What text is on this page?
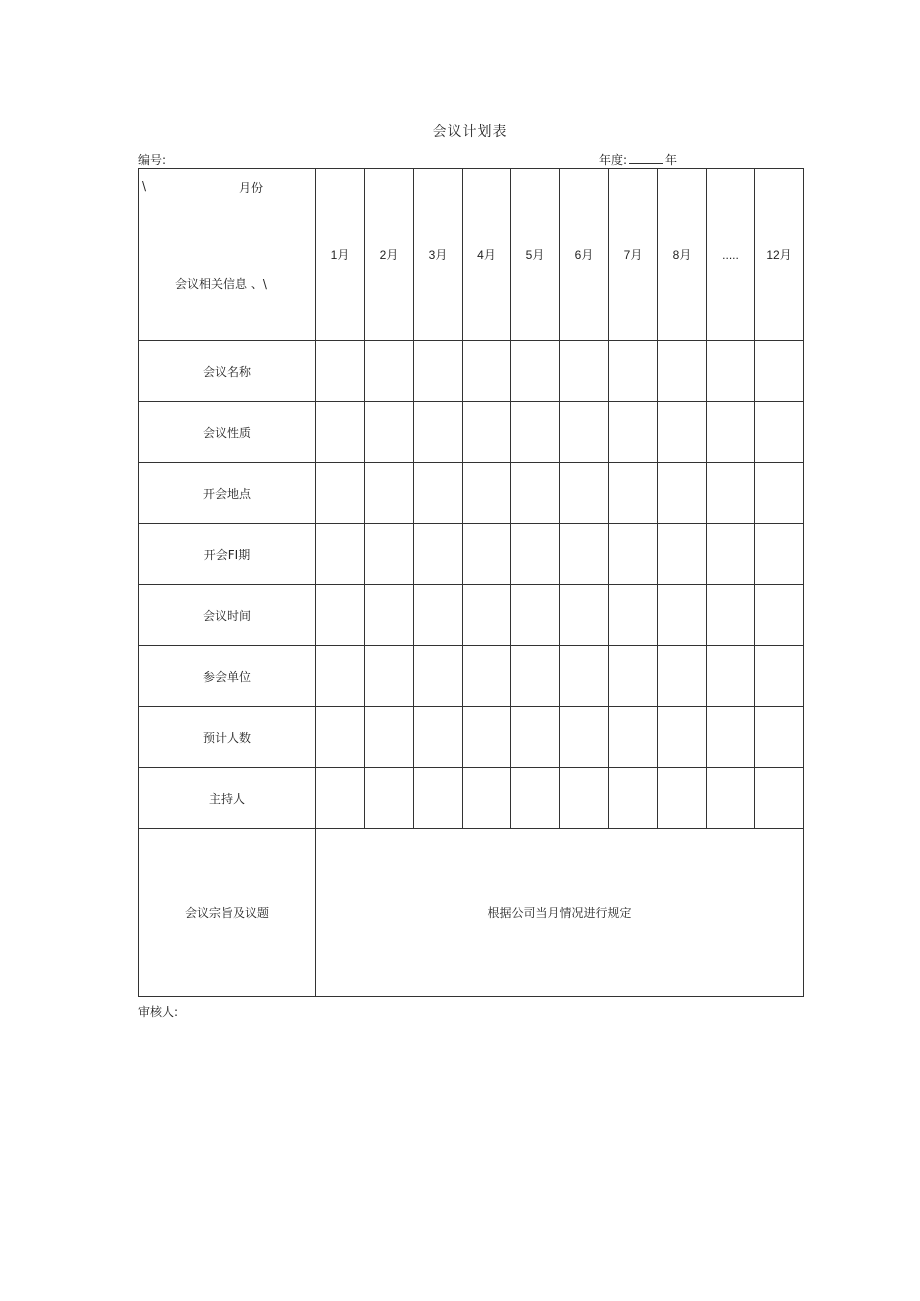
会议计划表
编号:	年度:	年
\ 月份
会议相关信息 、\	1月	2月	3月	4月	5月	6月	7月	8月	.....	12月
会议名称										
会议性质										
开会地点										
开会FI期										
会议时间										
参会单位										
预计人数										
主持人										
会议宗旨及议题	根据公司当月情况进行规定									
审核人:
